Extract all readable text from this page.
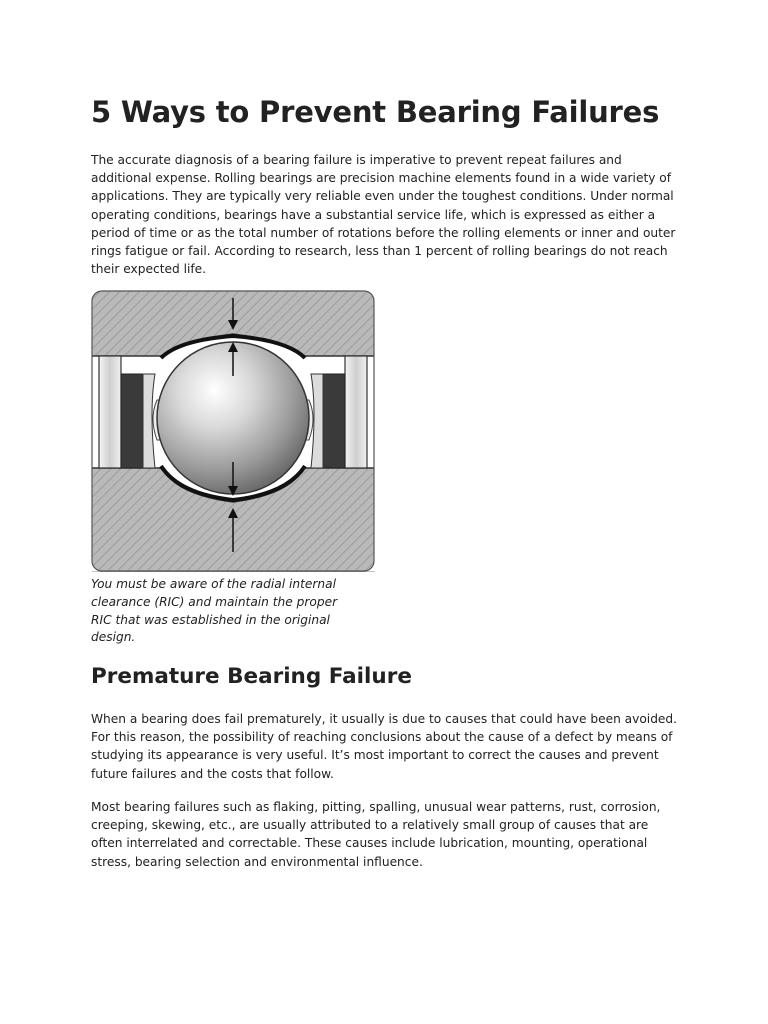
5 Ways to Prevent Bearing Failures

The accurate diagnosis of a bearing failure is imperative to prevent repeat failures and additional expense. Rolling bearings are precision machine elements found in a wide variety of applications. They are typically very reliable even under the toughest conditions. Under normal operating conditions, bearings have a substantial service life, which is expressed as either a period of time or as the total number of rotations before the rolling elements or inner and outer rings fatigue or fail. According to research, less than 1 percent of rolling bearings do not reach their expected life.

You must be aware of the radial internal clearance (RIC) and maintain the proper RIC that was established in the original design.
Premature Bearing Failure

When a bearing does fail prematurely, it usually is due to causes that could have been avoided. For this reason, the possibility of reaching conclusions about the cause of a defect by means of studying its appearance is very useful. It’s most important to correct the causes and prevent future failures and the costs that follow.

Most bearing failures such as flaking, pitting, spalling, unusual wear patterns, rust, corrosion, creeping, skewing, etc., are usually attributed to a relatively small group of causes that are often interrelated and correctable. These causes include lubrication, mounting, operational stress, bearing selection and environmental influence.
